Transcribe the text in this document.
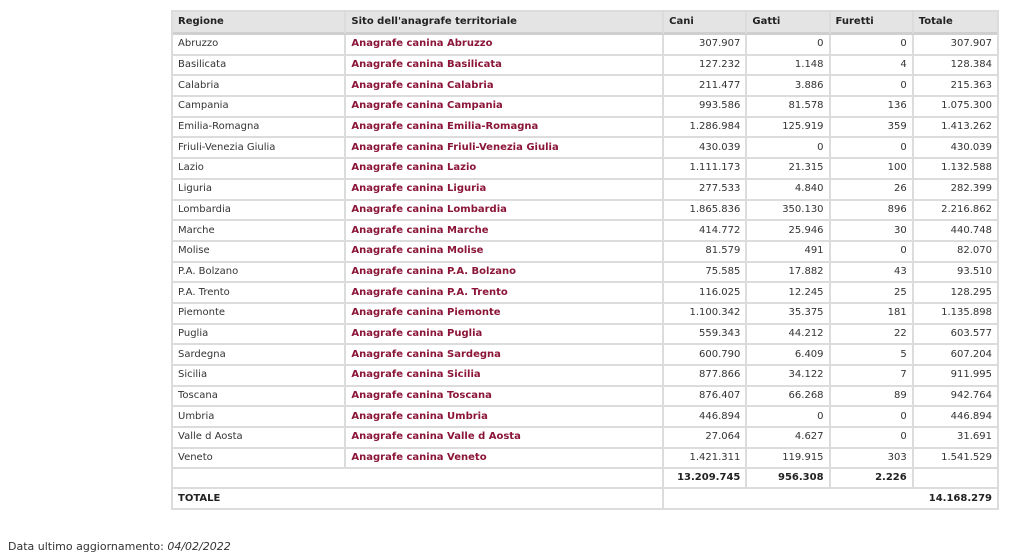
Regione	Sito dell'anagrafe territoriale	Cani	Gatti	Furetti	Totale
Abruzzo	Anagrafe canina Abruzzo	307.907	0	0	307.907
Basilicata	Anagrafe canina Basilicata	127.232	1.148	4	128.384
Calabria	Anagrafe canina Calabria	211.477	3.886	0	215.363
Campania	Anagrafe canina Campania	993.586	81.578	136	1.075.300
Emilia-Romagna	Anagrafe canina Emilia-Romagna	1.286.984	125.919	359	1.413.262
Friuli-Venezia Giulia	Anagrafe canina Friuli-Venezia Giulia	430.039	0	0	430.039
Lazio	Anagrafe canina Lazio	1.111.173	21.315	100	1.132.588
Liguria	Anagrafe canina Liguria	277.533	4.840	26	282.399
Lombardia	Anagrafe canina Lombardia	1.865.836	350.130	896	2.216.862
Marche	Anagrafe canina Marche	414.772	25.946	30	440.748
Molise	Anagrafe canina Molise	81.579	491	0	82.070
P.A. Bolzano	Anagrafe canina P.A. Bolzano	75.585	17.882	43	93.510
P.A. Trento	Anagrafe canina P.A. Trento	116.025	12.245	25	128.295
Piemonte	Anagrafe canina Piemonte	1.100.342	35.375	181	1.135.898
Puglia	Anagrafe canina Puglia	559.343	44.212	22	603.577
Sardegna	Anagrafe canina Sardegna	600.790	6.409	5	607.204
Sicilia	Anagrafe canina Sicilia	877.866	34.122	7	911.995
Toscana	Anagrafe canina Toscana	876.407	66.268	89	942.764
Umbria	Anagrafe canina Umbria	446.894	0	0	446.894
Valle d Aosta	Anagrafe canina Valle d Aosta	27.064	4.627	0	31.691
Veneto	Anagrafe canina Veneto	1.421.311	119.915	303	1.541.529
		13.209.745	956.308	2.226	
TOTALE		14.168.279			
Data ultimo aggiornamento: 04/02/2022
